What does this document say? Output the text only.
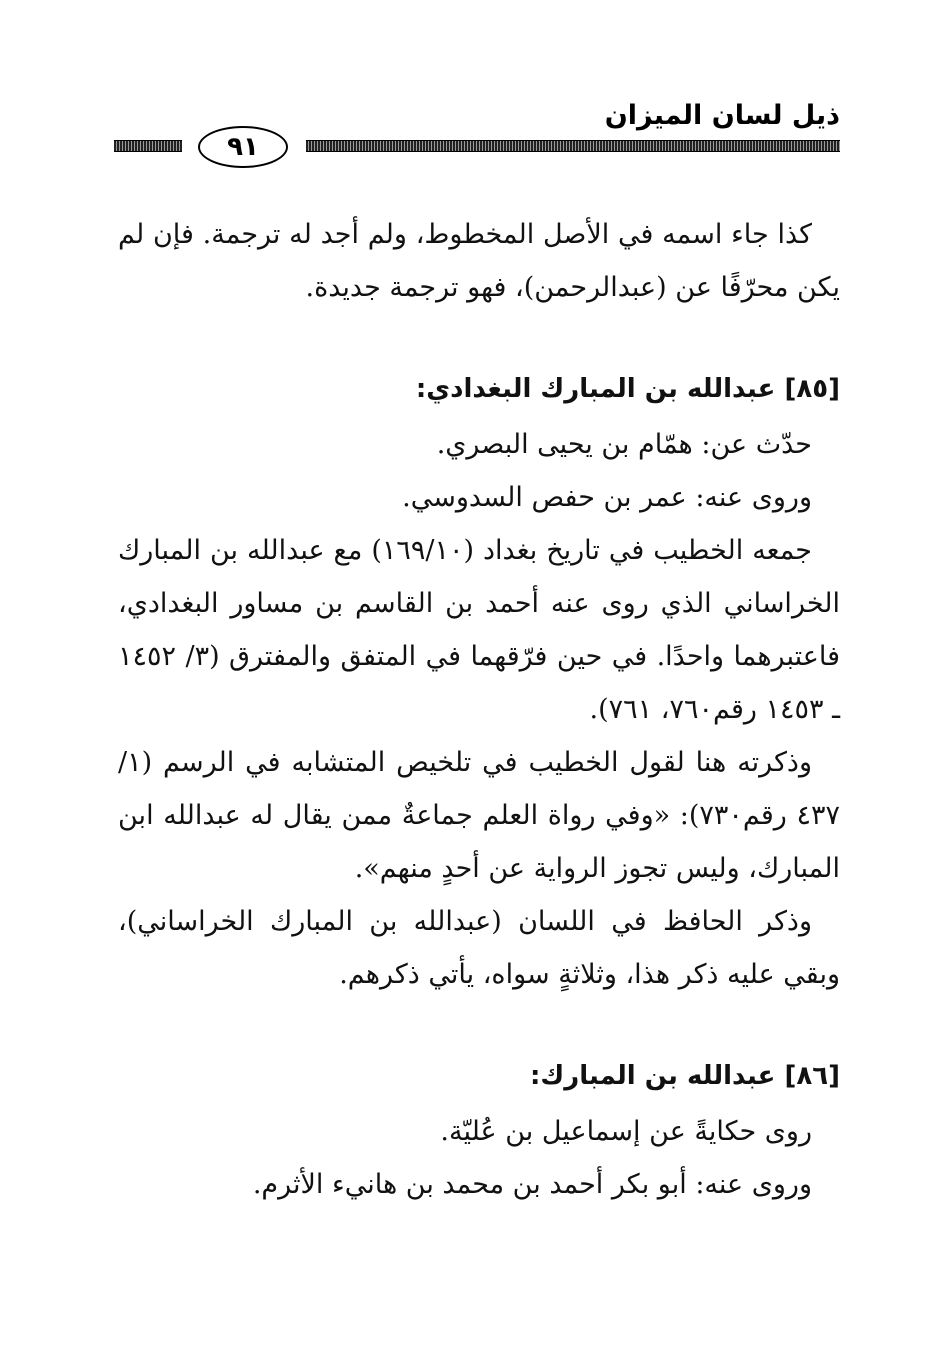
ذيل لسان الميزان
٩١

كذا جاء اسمه في الأصل المخطوط، ولم أجد له ترجمة. فإن لم يكن محرّفًا عن (عبدالرحمن)، فهو ترجمة جديدة.

[٨٥] عبدالله بن المبارك البغدادي:

حدّث عن: همّام بن يحيى البصري.

وروى عنه: عمر بن حفص السدوسي.

جمعه الخطيب في تاريخ بغداد (١٦٩/١٠) مع عبدالله بن المبارك الخراساني الذي روى عنه أحمد بن القاسم بن مساور البغدادي، فاعتبرهما واحدًا. في حين فرّقهما في المتفق والمفترق (٣/ ١٤٥٢ ـ ١٤٥٣ رقم٧٦٠، ٧٦١).

وذكرته هنا لقول الخطيب في تلخيص المتشابه في الرسم (١/ ٤٣٧ رقم٧٣٠): «وفي رواة العلم جماعةٌ ممن يقال له عبدالله ابن المبارك، وليس تجوز الرواية عن أحدٍ منهم».

وذكر الحافظ في اللسان (عبدالله بن المبارك الخراساني)، وبقي عليه ذكر هذا، وثلاثةٍ سواه، يأتي ذكرهم.

[٨٦] عبدالله بن المبارك:

روى حكايةً عن إسماعيل بن عُليّة.

وروى عنه: أبو بكر أحمد بن محمد بن هانيء الأثرم.
